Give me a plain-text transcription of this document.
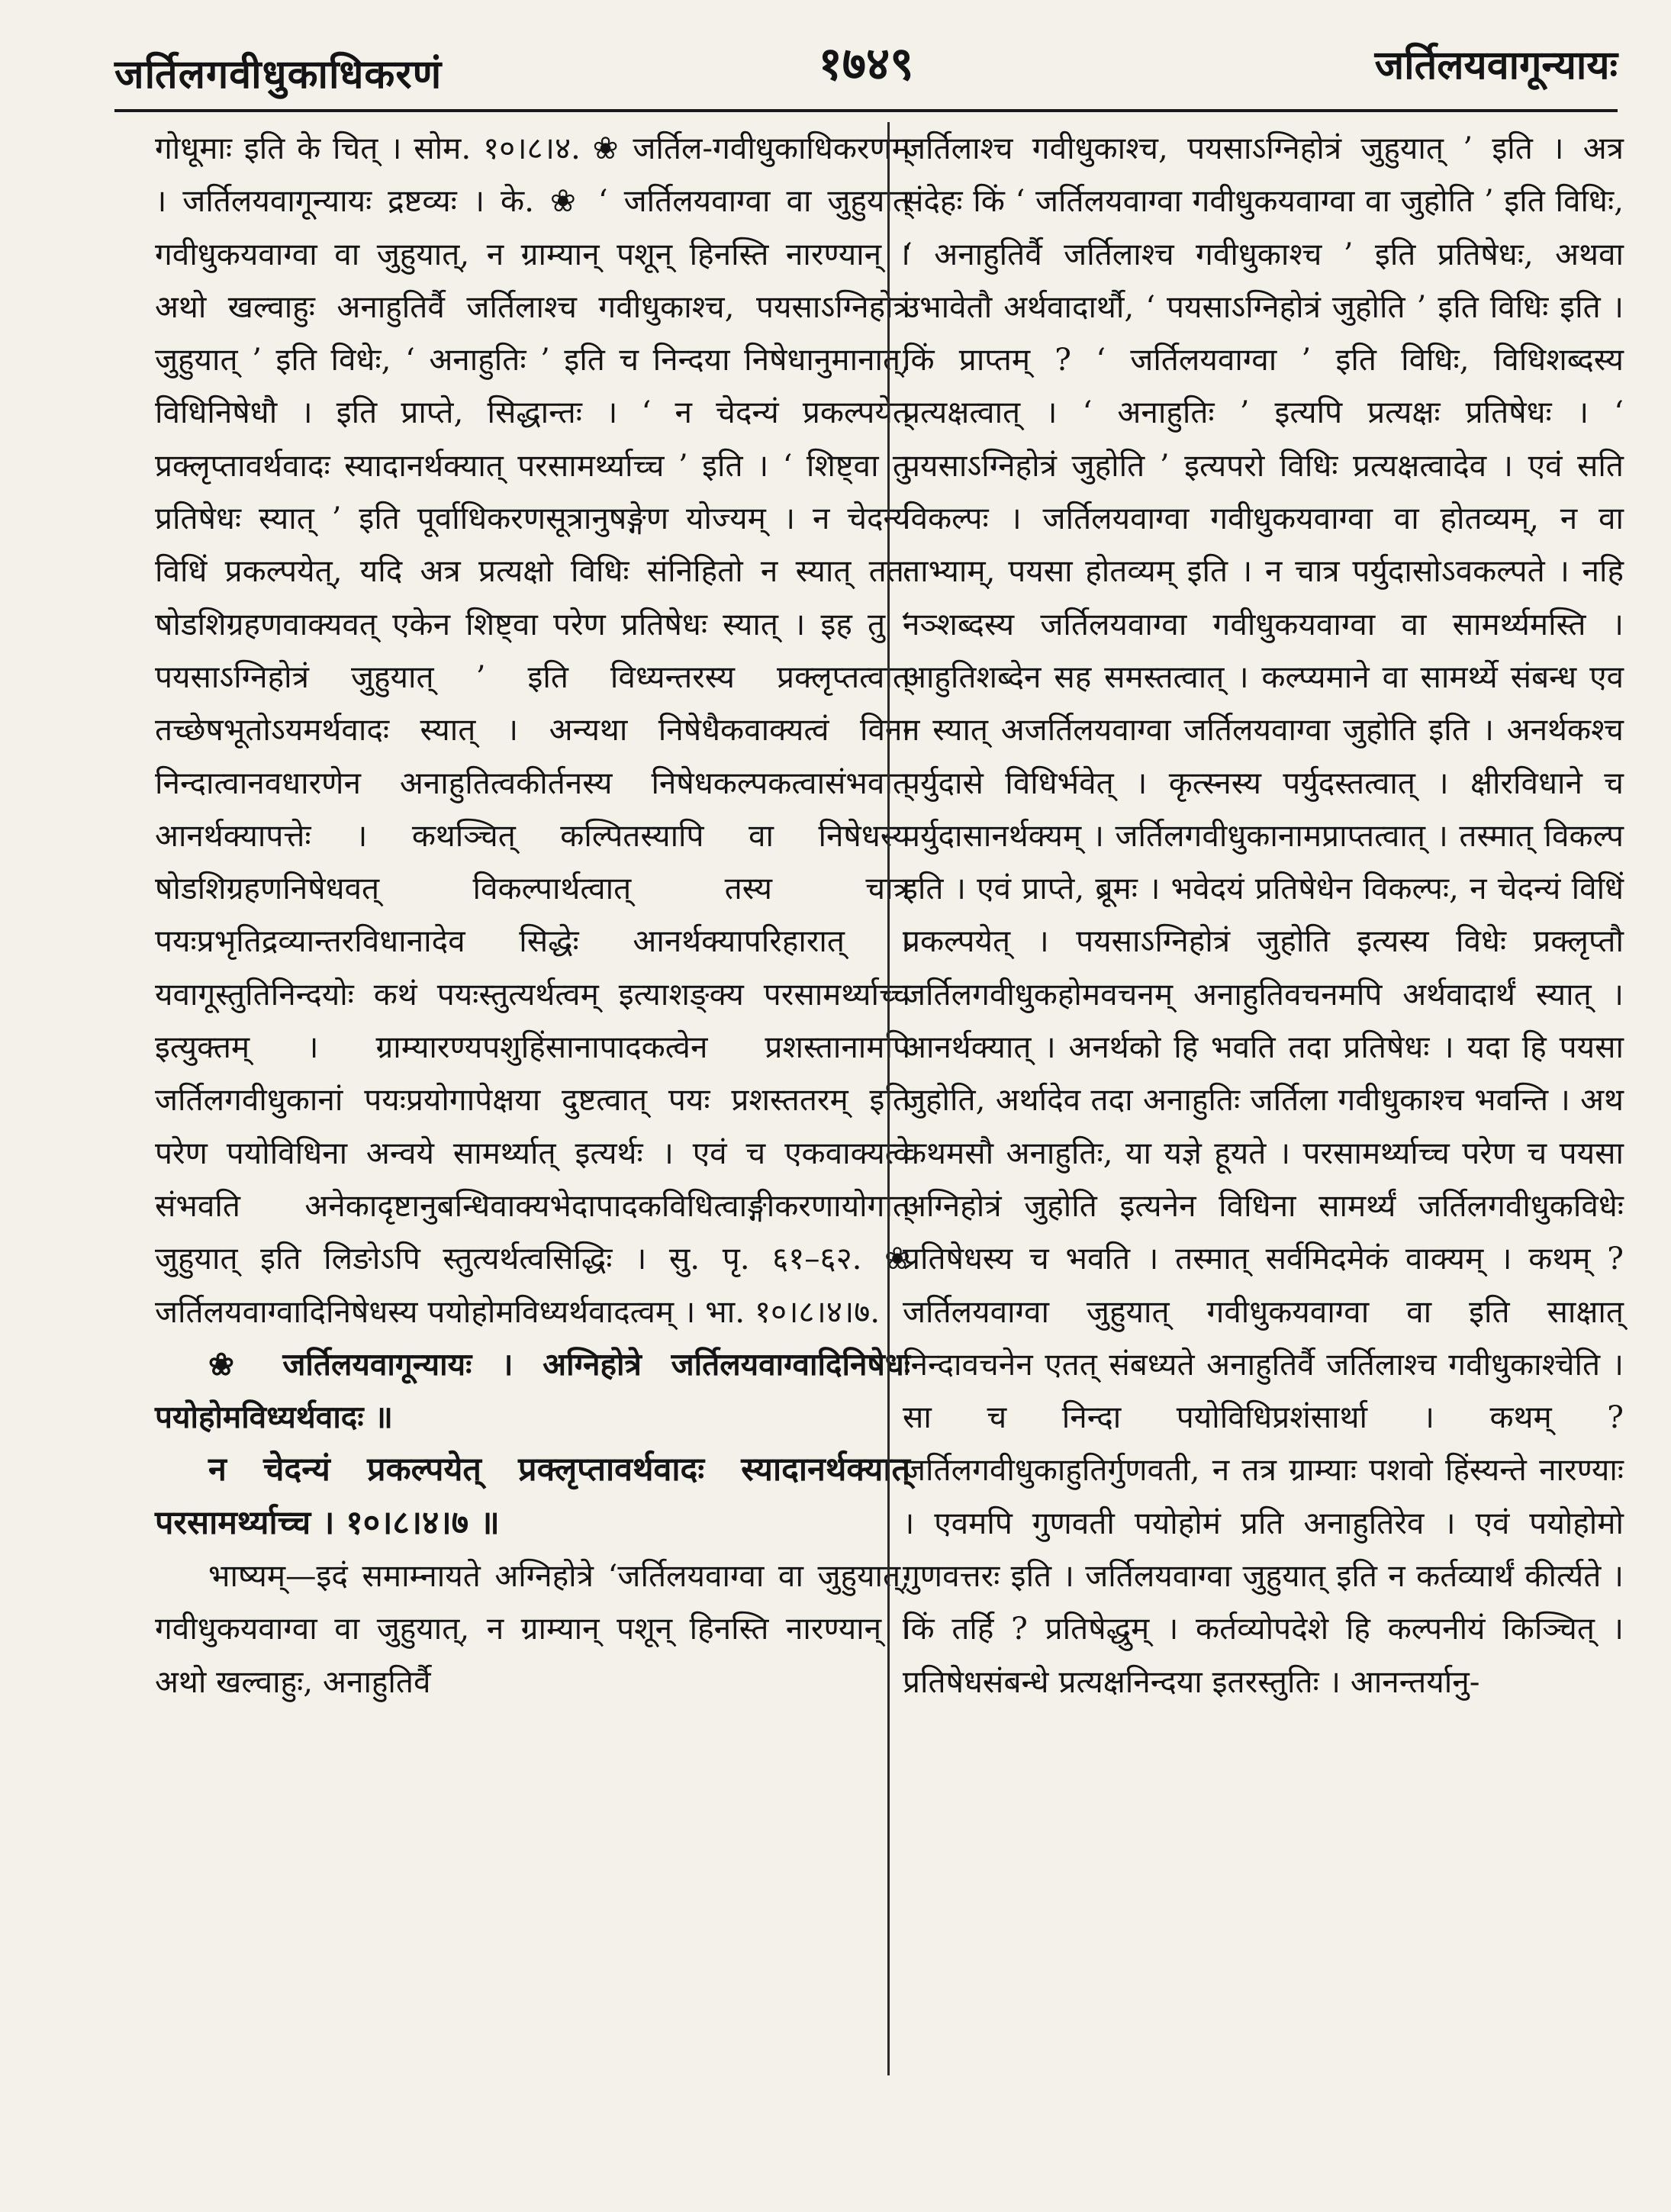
जर्तिलगवीधुकाधिकरणं	१७४९	जर्तिलयवागून्यायः

गोधूमाः इति के चित् । सोम. १०।८।४. ❀ जर्तिल-गवीधुकाधिकरणम् । जर्तिलयवागून्यायः द्रष्टव्यः । के. ❀ ‘ जर्तिलयवाग्वा वा जुहुयात् गवीधुकयवाग्वा वा जुहुयात्, न ग्राम्यान् पशून् हिनस्ति नारण्यान् । अथो खल्वाहुः अनाहुतिर्वै जर्तिलाश्च गवीधुकाश्च, पयसाऽग्निहोत्रं जुहुयात् ’ इति विधेः, ‘ अनाहुतिः ’ इति च निन्दया निषेधानुमानात्, विधिनिषेधौ । इति प्राप्ते, सिद्धान्तः । ‘ न चेदन्यं प्रकल्पयेत् प्रक्लृप्तावर्थवादः स्यादानर्थक्यात् परसामर्थ्याच्च ’ इति । ‘ शिष्ट्वा तु प्रतिषेधः स्यात् ’ इति पूर्वाधिकरणसूत्रानुषङ्गेण योज्यम् । न चेदन्यं विधिं प्रकल्पयेत्, यदि अत्र प्रत्यक्षो विधिः संनिहितो न स्यात् ततः षोडशिग्रहणवाक्यवत् एकेन शिष्ट्वा परेण प्रतिषेधः स्यात् । इह तु ‘ पयसाऽग्निहोत्रं जुहुयात् ’ इति विध्यन्तरस्य प्रक्लृप्तत्वात् तच्छेषभूतोऽयमर्थवादः स्यात् । अन्यथा निषेधैकवाक्यत्वं विना निन्दात्वानवधारणेन अनाहुतित्वकीर्तनस्य निषेधकल्पकत्वासंभवात् आनर्थक्यापत्तेः । कथञ्चित् कल्पितस्यापि वा निषेधस्य षोडशिग्रहणनिषेधवत् विकल्पार्थत्वात् तस्य चात्र पयःप्रभृतिद्रव्यान्तरविधानादेव सिद्धेः आनर्थक्यापरिहारात् । यवागूस्तुतिनिन्दयोः कथं पयःस्तुत्यर्थत्वम् इत्याशङ्क्य परसामर्थ्याच्च इत्युक्तम् । ग्राम्यारण्यपशुहिंसानापादकत्वेन प्रशस्तानामपि जर्तिलगवीधुकानां पयःप्रयोगापेक्षया दुष्टत्वात् पयः प्रशस्ततरम् इति परेण पयोविधिना अन्वये सामर्थ्यात् इत्यर्थः । एवं च एकवाक्यत्वे संभवति अनेकादृष्टानुबन्धिवाक्यभेदापादकविधित्वाङ्गीकरणायोगात् जुहुयात् इति लिङोऽपि स्तुत्यर्थत्वसिद्धिः । सु. पृ. ६१–६२. ❀ जर्तिलयवाग्वादिनिषेधस्य पयोहोमविध्यर्थवादत्वम् । भा. १०।८।४।७.

❀ जर्तिलयवागून्यायः । अग्निहोत्रे जर्तिलयवाग्वादिनिषेधः पयोहोमविध्यर्थवादः ॥

न चेदन्यं प्रकल्पयेत् प्रक्लृप्तावर्थवादः स्यादानर्थक्यात् परसामर्थ्याच्च । १०।८।४।७ ॥

भाष्यम्—इदं समाम्नायते अग्निहोत्रे ‘जर्तिलयवाग्वा वा जुहुयात्, गवीधुकयवाग्वा वा जुहुयात्, न ग्राम्यान् पशून् हिनस्ति नारण्यान् । अथो खल्वाहुः, अनाहुतिर्वै

जर्तिलाश्च गवीधुकाश्च, पयसाऽग्निहोत्रं जुहुयात् ’ इति । अत्र संदेहः किं ‘ जर्तिलयवाग्वा गवीधुकयवाग्वा वा जुहोति ’ इति विधिः, ‘ अनाहुतिर्वै जर्तिलाश्च गवीधुकाश्च ’ इति प्रतिषेधः, अथवा उभावेतौ अर्थवादार्थौ, ‘ पयसाऽग्निहोत्रं जुहोति ’ इति विधिः इति । किं प्राप्तम् ? ‘ जर्तिलयवाग्वा ’ इति विधिः, विधिशब्दस्य प्रत्यक्षत्वात् । ‘ अनाहुतिः ’ इत्यपि प्रत्यक्षः प्रतिषेधः । ‘ पयसाऽग्निहोत्रं जुहोति ’ इत्यपरो विधिः प्रत्यक्षत्वादेव । एवं सति विकल्पः । जर्तिलयवाग्वा गवीधुकयवाग्वा वा होतव्यम्, न वा ताभ्याम्, पयसा होतव्यम् इति । न चात्र पर्युदासोऽवकल्पते । नहि नञ्शब्दस्य जर्तिलयवाग्वा गवीधुकयवाग्वा वा सामर्थ्यमस्ति । आहुतिशब्देन सह समस्तत्वात् । कल्प्यमाने वा सामर्थ्ये संबन्ध एव न स्यात् अजर्तिलयवाग्वा जर्तिलयवाग्वा जुहोति इति । अनर्थकश्च पर्युदासे विधिर्भवेत् । कृत्स्नस्य पर्युदस्तत्वात् । क्षीरविधाने च पर्युदासानर्थक्यम् । जर्तिलगवीधुकानामप्राप्तत्वात् । तस्मात् विकल्प इति । एवं प्राप्ते, ब्रूमः । भवेदयं प्रतिषेधेन विकल्पः, न चेदन्यं विधिं प्रकल्पयेत् । पयसाऽग्निहोत्रं जुहोति इत्यस्य विधेः प्रक्लृप्तौ जर्तिलगवीधुकहोमवचनम् अनाहुतिवचनमपि अर्थवादार्थं स्यात् । आनर्थक्यात् । अनर्थको हि भवति तदा प्रतिषेधः । यदा हि पयसा जुहोति, अर्थादेव तदा अनाहुतिः जर्तिला गवीधुकाश्च भवन्ति । अथ कथमसौ अनाहुतिः, या यज्ञे हूयते । परसामर्थ्याच्च परेण च पयसा अग्निहोत्रं जुहोति इत्यनेन विधिना सामर्थ्यं जर्तिलगवीधुकविधेः प्रतिषेधस्य च भवति । तस्मात् सर्वमिदमेकं वाक्यम् । कथम् ? जर्तिलयवाग्वा जुहुयात् गवीधुकयवाग्वा वा इति साक्षात् निन्दावचनेन एतत् संबध्यते अनाहुतिर्वै जर्तिलाश्च गवीधुकाश्चेति । सा च निन्दा पयोविधिप्रशंसार्था । कथम् ? जर्तिलगवीधुकाहुतिर्गुणवती, न तत्र ग्राम्याः पशवो हिंस्यन्ते नारण्याः । एवमपि गुणवती पयोहोमं प्रति अनाहुतिरेव । एवं पयोहोमो गुणवत्तरः इति । जर्तिलयवाग्वा जुहुयात् इति न कर्तव्यार्थं कीर्त्यते । किं तर्हि ? प्रतिषेद्धुम् । कर्तव्योपदेशे हि कल्पनीयं किञ्चित् । प्रतिषेधसंबन्धे प्रत्यक्षनिन्दया इतरस्तुतिः । आनन्तर्यानु-
